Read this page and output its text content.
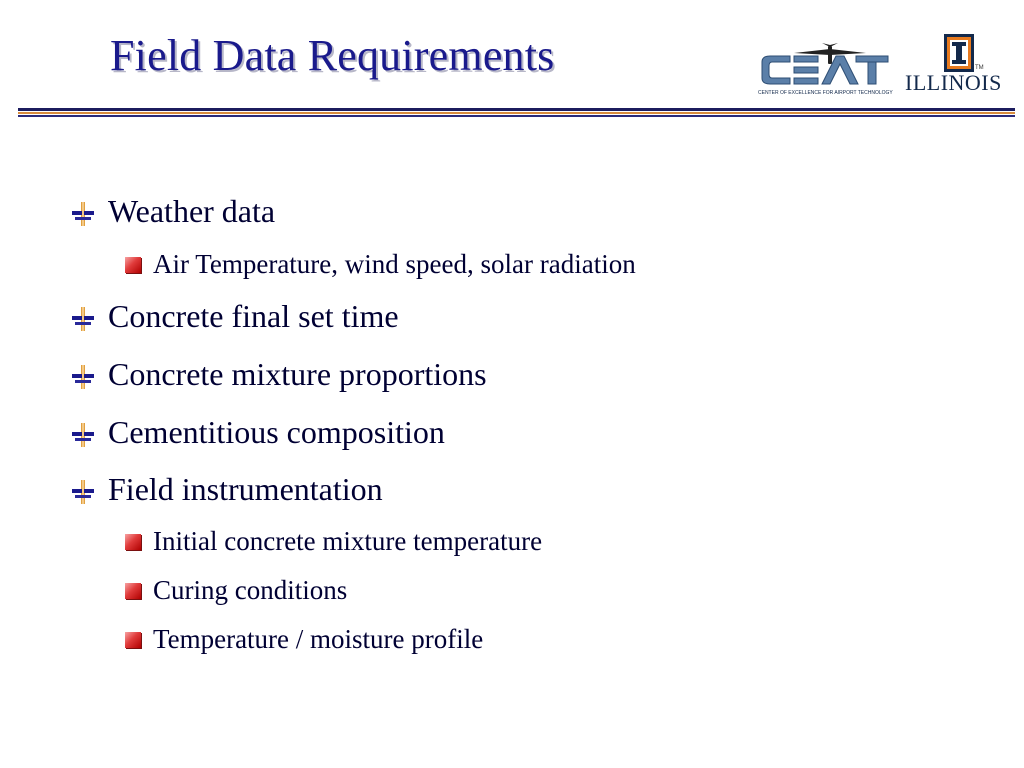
Field Data Requirements
CENTER OF EXCELLENCE FOR AIRPORT TECHNOLOGY
TM
ILLINOIS
Weather data
Air Temperature, wind speed, solar radiation
Concrete final set time
Concrete mixture proportions
Cementitious composition
Field instrumentation
Initial concrete mixture temperature
Curing conditions
Temperature / moisture profile
